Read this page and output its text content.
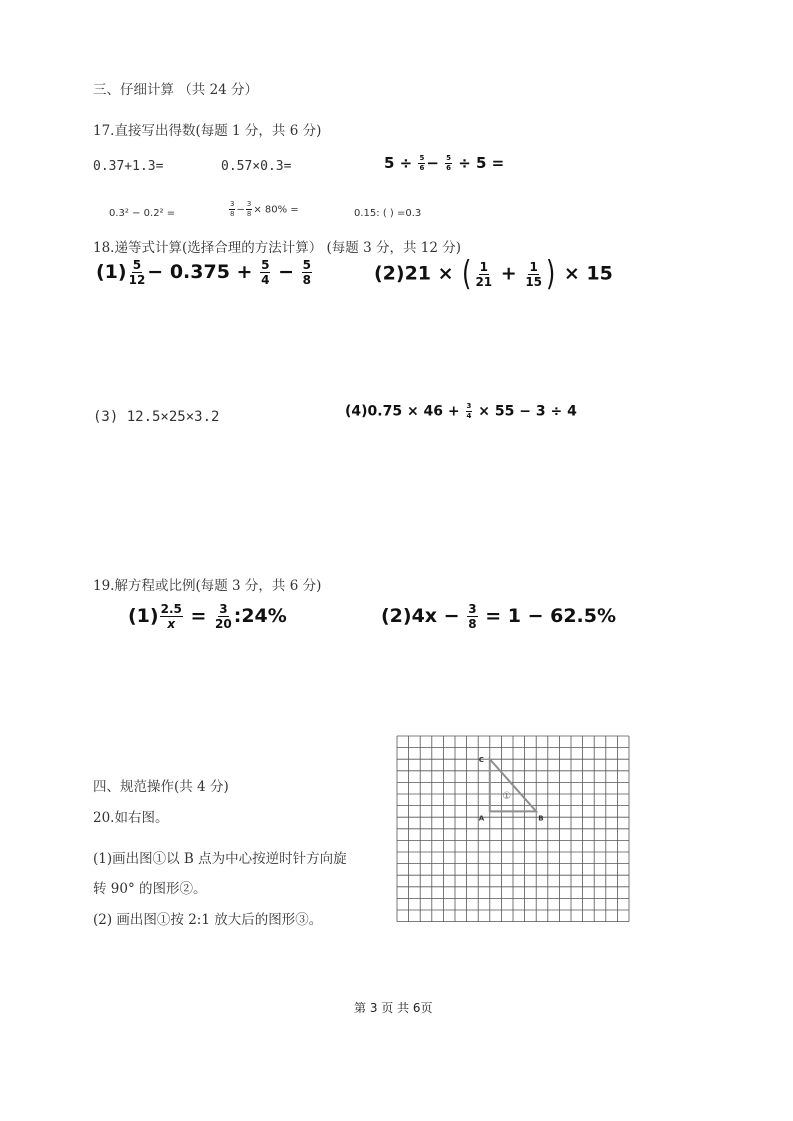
三、仔细计算 （共 24 分）
17.直接写出得数(每题 1 分，共 6 分)
0.37+1.3=	0.57×0.3=	$5 \div \frac{5}{6} - \frac{5}{6} \div 5$ =
0.3² − 0.2² =	$\frac{3}{8} - \frac{3}{8} \times 80\%$ =	0.15: ( ) =0.3
18.递等式计算(选择合理的方法计算） (每题 3 分，共 12 分)
$(1) \frac{5}{12} - 0.375 + \frac{5}{4} - \frac{5}{8}$	(2)21 × ( $\frac{1}{21} + \frac{1}{15}$ ) × 15
(3) 12.5×25×3.2	$(4)0.75 \times 46 + \frac{3}{4} \times 55 - 3 \div 4$
19.解方程或比例(每题 3 分，共 6 分)
$(1) \frac{2.5}{x} = \frac{3}{20}$ :24%	$(2)4x - \frac{3}{8} = 1 - 62.5\%$
四、规范操作(共 4 分)
20.如右图。
(1)画出图①以 B 点为中心按逆时针方向旋
转 90° 的图形②。
(2) 画出图①按 2:1 放大后的图形③。
A	B
C
①
第 3 页 共 6页
